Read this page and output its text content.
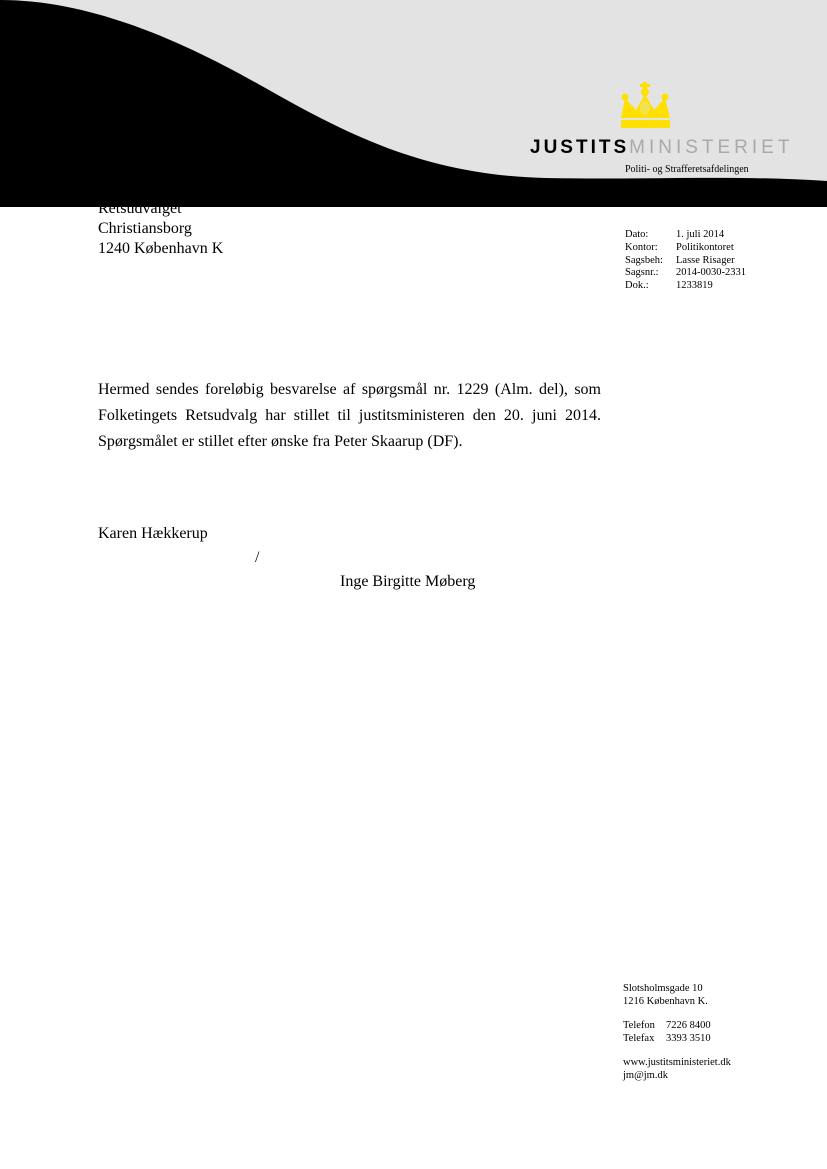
JUSTITSMINISTERIET
Politi- og Strafferetsafdelingen
Retsudvalget
Christiansborg
1240 København K
Dato:	1. juli 2014
Kontor:	Politikontoret
Sagsbeh:	Lasse Risager
Sagsnr.:	2014-0030-2331
Dok.:	1233819

Hermed sendes foreløbig besvarelse af spørgsmål nr. 1229 (Alm. del), som Folketingets Retsudvalg har stillet til justitsministeren den 20. juni 2014. Spørgsmålet er stillet efter ønske fra Peter Skaarup (DF).

Karen Hækkerup
/
Inge Birgitte Møberg
Slotsholmsgade 10
1216 København K.
Telefon	7226 8400
Telefax	3393 3510
www.justitsministeriet.dk
jm@jm.dk
